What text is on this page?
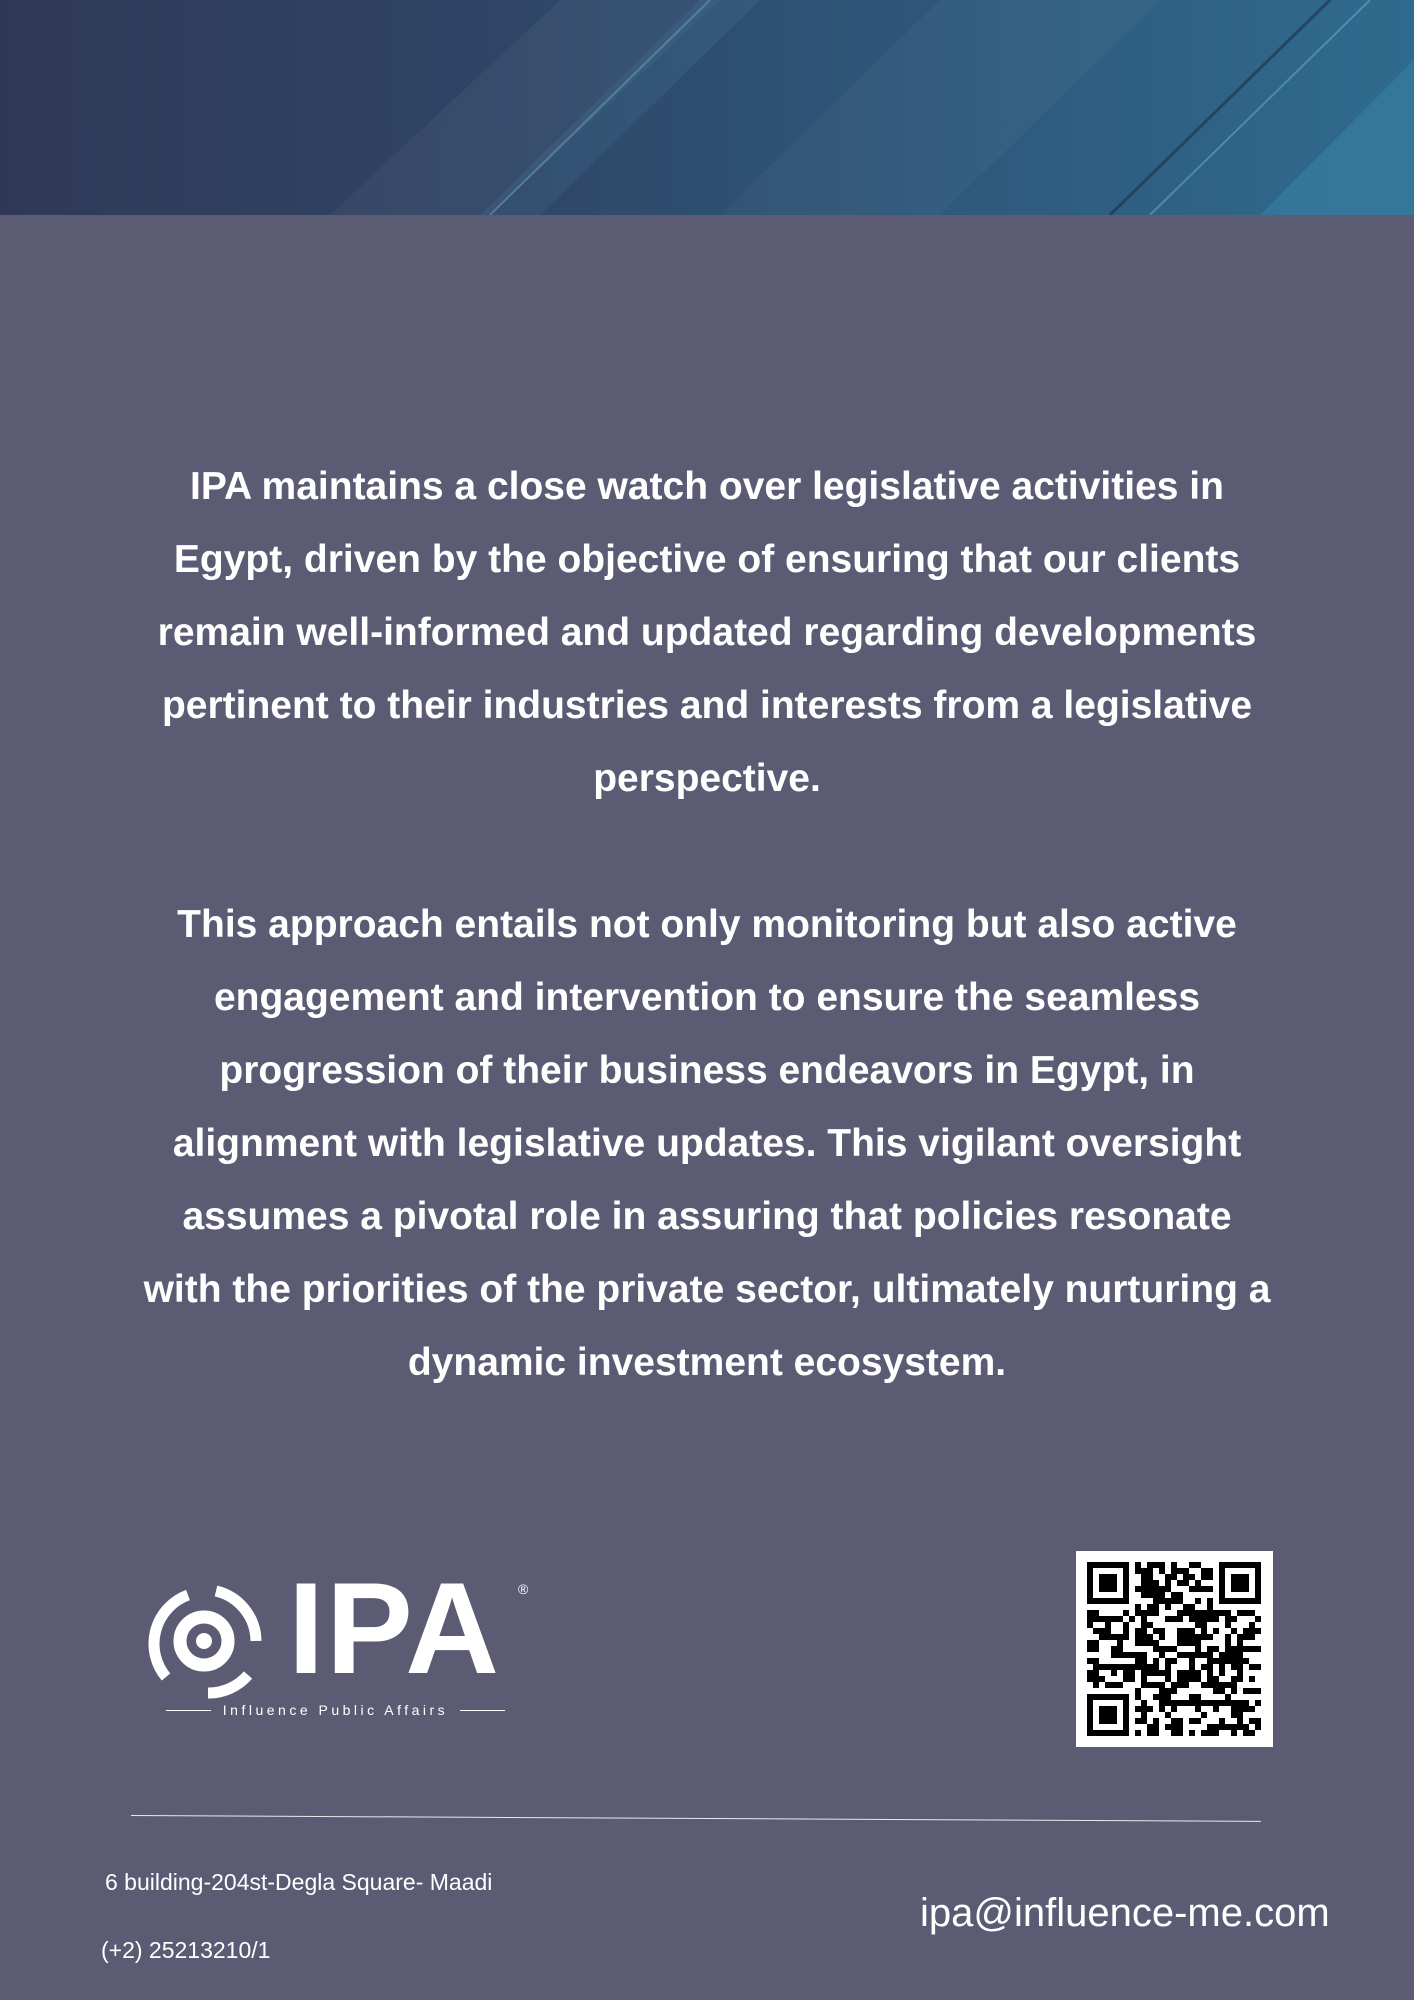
IPA maintains a close watch over legislative activities in Egypt, driven by the objective of ensuring that our clients remain well-informed and updated regarding developments pertinent to their industries and interests from a legislative perspective.

This approach entails not only monitoring but also active engagement and intervention to ensure the seamless progression of their business endeavors in Egypt, in alignment with legislative updates. This vigilant oversight assumes a pivotal role in assuring that policies resonate with the priorities of the private sector, ultimately nurturing a dynamic investment ecosystem.

IPA ®
Influence Public Affairs
6 building-204st-Degla Square- Maadi
(+2) 25213210/1
ipa@influence-me.com
